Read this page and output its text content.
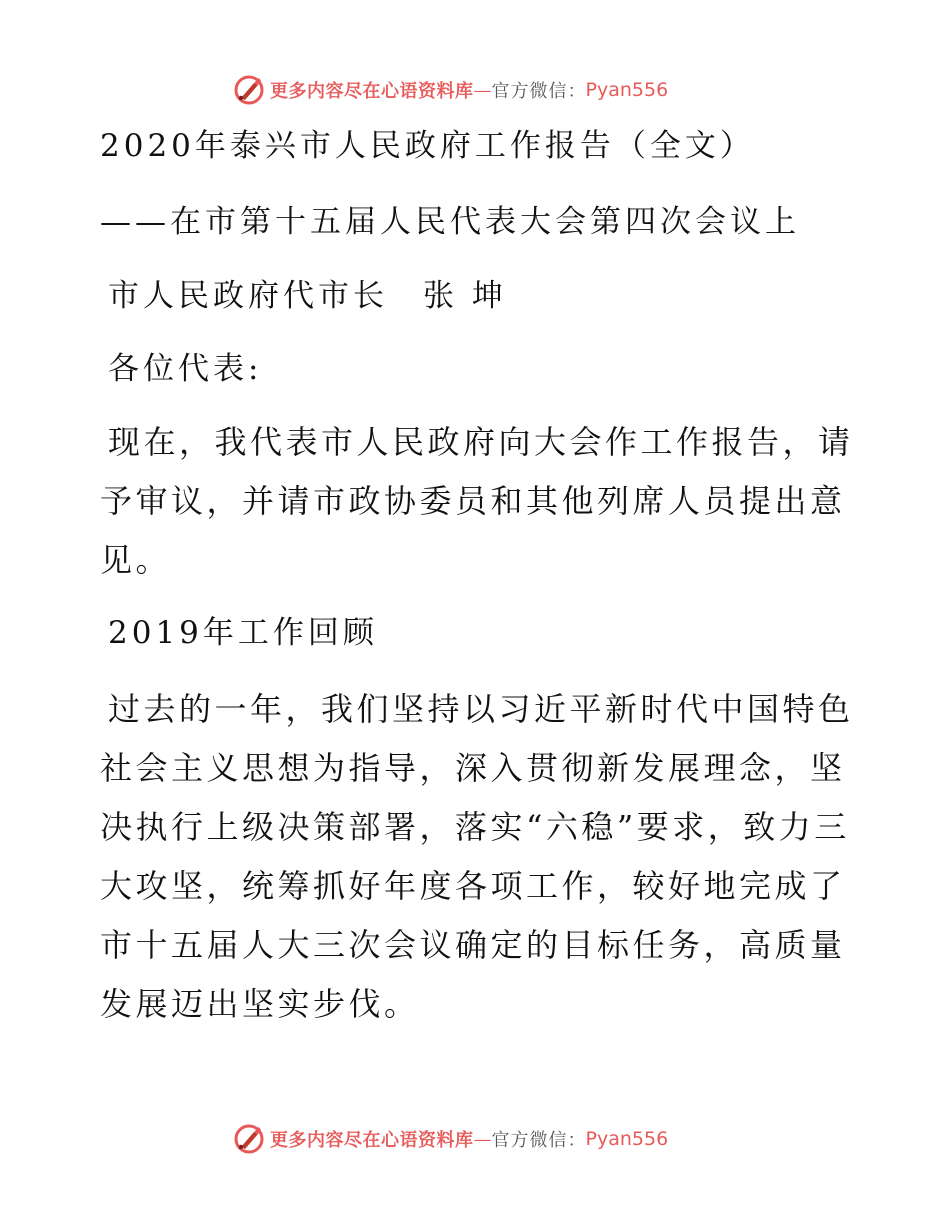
更多内容尽在心语资料库 — 官方微信 ： Pyan556
2020年泰兴市人民政府工作报告（全文）
——在市第十五届人民代表大会第四次会议上
市人民政府代市长　张 坤
各位代表:
现在，我代表市人民政府向大会作工作报告，请予审议，并请市政协委员和其他列席人员提出意见。
2019年工作回顾
过去的一年，我们坚持以习近平新时代中国特色社会主义思想为指导，深入贯彻新发展理念，坚决执行上级决策部署，落实“六稳”要求，致力三大攻坚，统筹抓好年度各项工作，较好地完成了市十五届人大三次会议确定的目标任务，高质量发展迈出坚实步伐。
更多内容尽在心语资料库 — 官方微信 ： Pyan556
